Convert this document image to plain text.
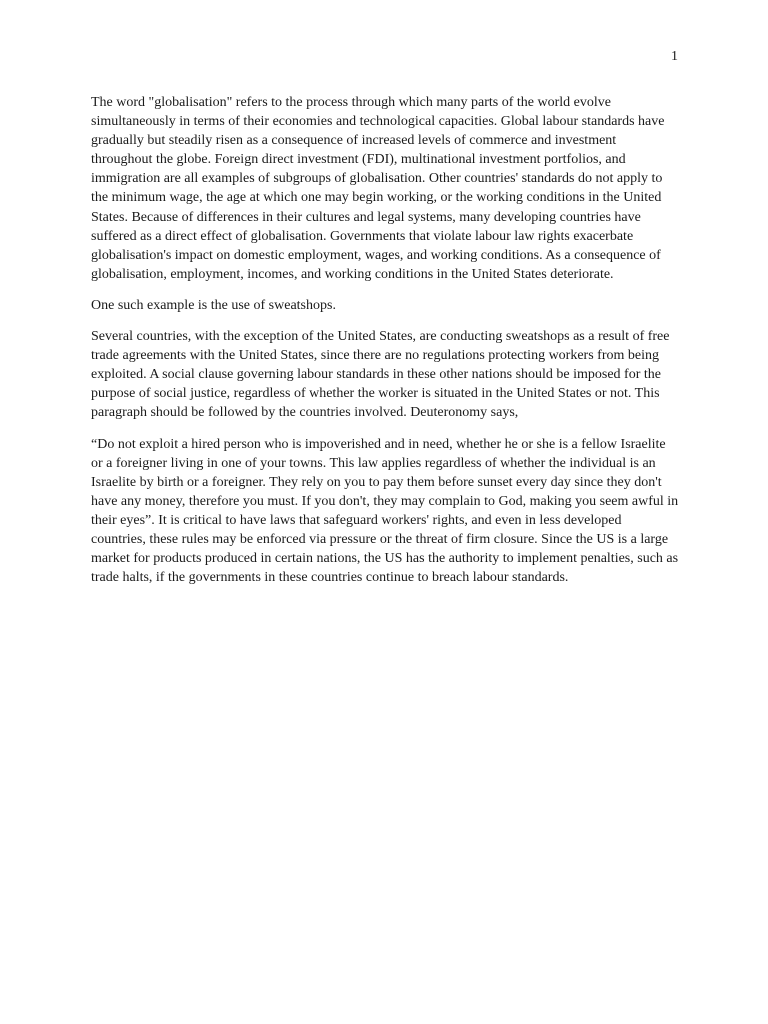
1

The word "globalisation" refers to the process through which many parts of the world evolve simultaneously in terms of their economies and technological capacities. Global labour standards have gradually but steadily risen as a consequence of increased levels of commerce and investment throughout the globe. Foreign direct investment (FDI), multinational investment portfolios, and immigration are all examples of subgroups of globalisation. Other countries' standards do not apply to the minimum wage, the age at which one may begin working, or the working conditions in the United States. Because of differences in their cultures and legal systems, many developing countries have suffered as a direct effect of globalisation. Governments that violate labour law rights exacerbate globalisation's impact on domestic employment, wages, and working conditions. As a consequence of globalisation, employment, incomes, and working conditions in the United States deteriorate.

One such example is the use of sweatshops.

Several countries, with the exception of the United States, are conducting sweatshops as a result of free trade agreements with the United States, since there are no regulations protecting workers from being exploited. A social clause governing labour standards in these other nations should be imposed for the purpose of social justice, regardless of whether the worker is situated in the United States or not. This paragraph should be followed by the countries involved. Deuteronomy says,

“Do not exploit a hired person who is impoverished and in need, whether he or she is a fellow Israelite or a foreigner living in one of your towns. This law applies regardless of whether the individual is an Israelite by birth or a foreigner. They rely on you to pay them before sunset every day since they don't have any money, therefore you must. If you don't, they may complain to God, making you seem awful in their eyes”. It is critical to have laws that safeguard workers' rights, and even in less developed countries, these rules may be enforced via pressure or the threat of firm closure. Since the US is a large market for products produced in certain nations, the US has the authority to implement penalties, such as trade halts, if the governments in these countries continue to breach labour standards.
